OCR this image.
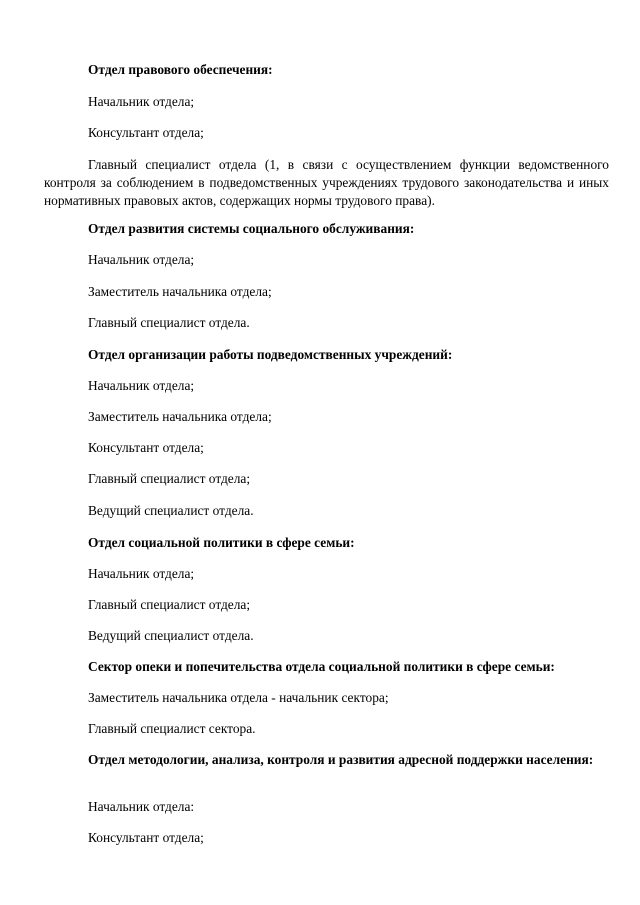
Отдел правового обеспечения:
Начальник отдела;
Консультант отдела;
Главный специалист отдела (1, в связи с осуществлением функции ведомственного контроля за соблюдением в подведомственных учреждениях трудового законодательства и иных нормативных правовых актов, содержащих нормы трудового права).
Отдел развития системы социального обслуживания:
Начальник отдела;
Заместитель начальника отдела;
Главный специалист отдела.
Отдел организации работы подведомственных учреждений:
Начальник отдела;
Заместитель начальника отдела;
Консультант отдела;
Главный специалист отдела;
Ведущий специалист отдела.
Отдел социальной политики в сфере семьи:
Начальник отдела;
Главный специалист отдела;
Ведущий специалист отдела.
Сектор опеки и попечительства отдела социальной политики в сфере семьи:
Заместитель начальника отдела - начальник сектора;
Главный специалист сектора.
Отдел методологии, анализа, контроля и развития адресной поддержки населения:
Начальник отдела:
Консультант отдела;
